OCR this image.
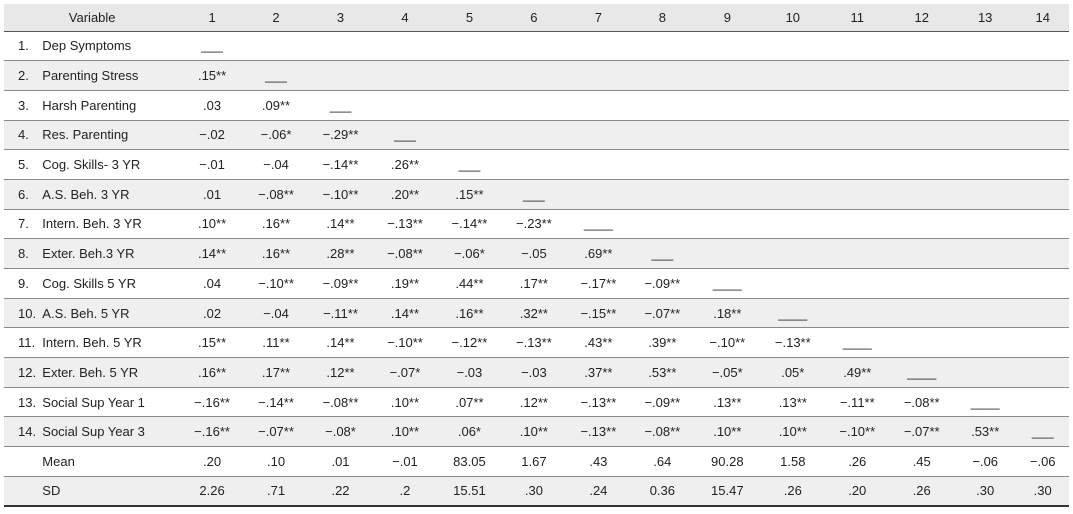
Variable		1	2	3	4	5	6	7	8	9	10	11	12	13	14
1.	Dep Symptoms	___													
2.	Parenting Stress	.15**	___												
3.	Harsh Parenting	.03	.09**	___											
4.	Res. Parenting	−.02	−.06*	−.29**	___										
5.	Cog. Skills- 3 YR	−.01	−.04	−.14**	.26**	___									
6.	A.S. Beh. 3 YR	.01	−.08**	−.10**	.20**	.15**	___								
7.	Intern. Beh. 3 YR	.10**	.16**	.14**	−.13**	−.14**	−.23**	____							
8.	Exter. Beh.3 YR	.14**	.16**	.28**	−.08**	−.06*	−.05	.69**	___						
9.	Cog. Skills 5 YR	.04	−.10**	−.09**	.19**	.44**	.17**	−.17**	−.09**	____					
10.	A.S. Beh. 5 YR	.02	−.04	−.11**	.14**	.16**	.32**	−.15**	−.07**	.18**	____				
11.	Intern. Beh. 5 YR	.15**	.11**	.14**	−.10**	−.12**	−.13**	.43**	.39**	−.10**	−.13**	____			
12.	Exter. Beh. 5 YR	.16**	.17**	.12**	−.07*	−.03	−.03	.37**	.53**	−.05*	.05*	.49**	____		
13.	Social Sup Year 1	−.16**	−.14**	−.08**	.10**	.07**	.12**	−.13**	−.09**	.13**	.13**	−.11**	−.08**	____	
14.	Social Sup Year 3	−.16**	−.07**	−.08*	.10**	.06*	.10**	−.13**	−.08**	.10**	.10**	−.10**	−.07**	.53**	___
	Mean	.20	.10	.01	−.01	83.05	1.67	.43	.64	90.28	1.58	.26	.45	−.06	−.06
	SD	2.26	.71	.22	.2	15.51	.30	.24	0.36	15.47	.26	.20	.26	.30	.30
